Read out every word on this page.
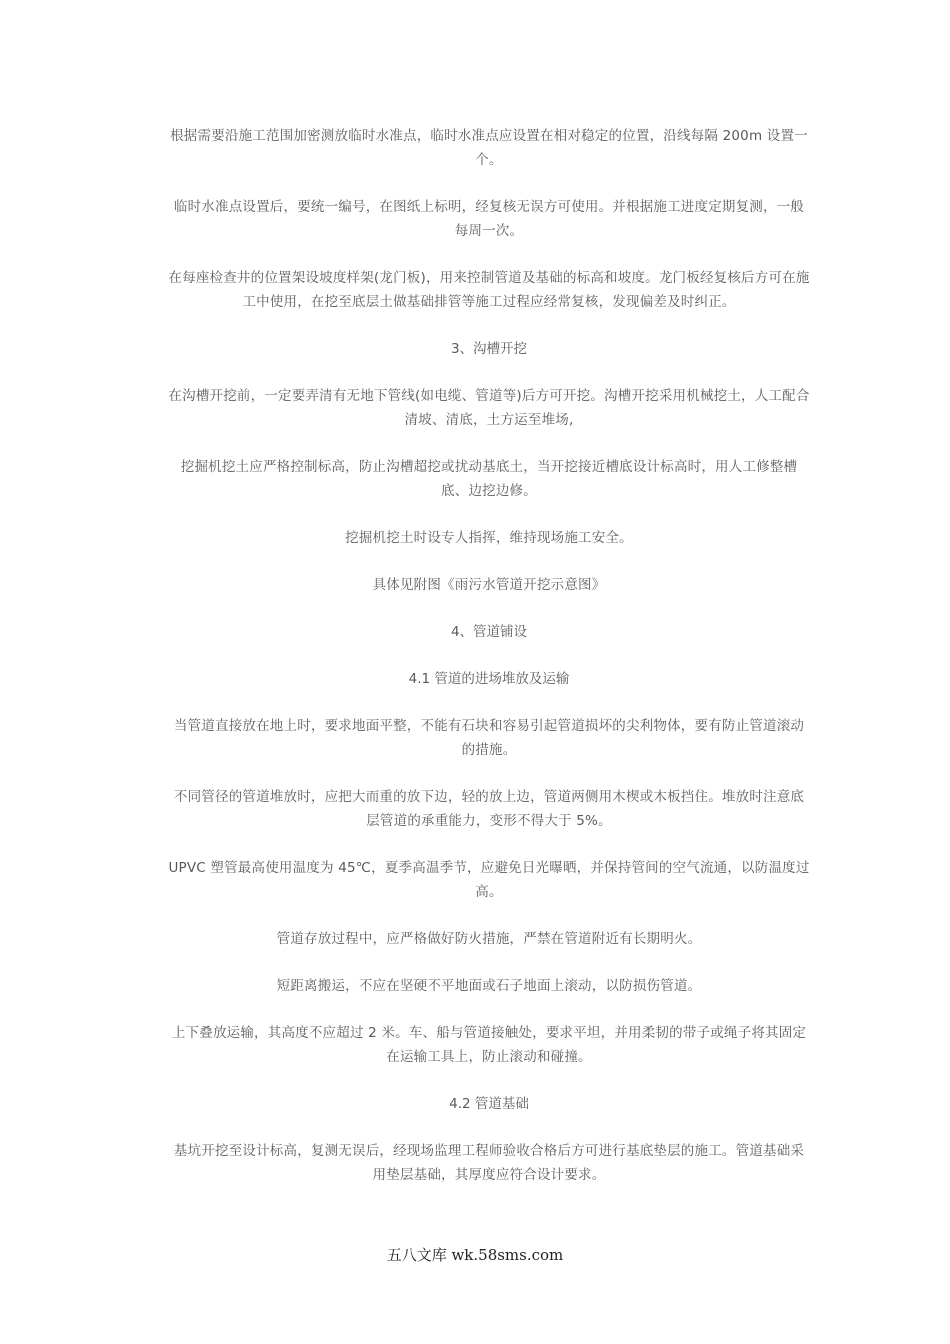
根据需要沿施工范围加密测放临时水准点，临时水准点应设置在相对稳定的位置，沿线每隔 200m 设置一个。

临时水准点设置后，要统一编号，在图纸上标明，经复核无误方可使用。并根据施工进度定期复测，一般每周一次。

在每座检查井的位置架设坡度样架(龙门板)，用来控制管道及基础的标高和坡度。龙门板经复核后方可在施工中使用，在挖至底层土做基础排管等施工过程应经常复核，发现偏差及时纠正。

3、沟槽开挖

在沟槽开挖前，一定要弄清有无地下管线(如电缆、管道等)后方可开挖。沟槽开挖采用机械挖土，人工配合清坡、清底，土方运至堆场,

挖掘机挖土应严格控制标高，防止沟槽超挖或扰动基底土，当开挖接近槽底设计标高时，用人工修整槽底、边挖边修。

挖掘机挖土时设专人指挥，维持现场施工安全。

具体见附图《雨污水管道开挖示意图》

4、管道铺设

4.1 管道的进场堆放及运输

当管道直接放在地上时，要求地面平整，不能有石块和容易引起管道损坏的尖利物体，要有防止管道滚动的措施。

不同管径的管道堆放时，应把大而重的放下边，轻的放上边，管道两侧用木楔或木板挡住。堆放时注意底层管道的承重能力，变形不得大于 5%。

UPVC 塑管最高使用温度为 45℃，夏季高温季节，应避免日光曝晒，并保持管间的空气流通，以防温度过高。

管道存放过程中，应严格做好防火措施，严禁在管道附近有长期明火。

短距离搬运，不应在坚硬不平地面或石子地面上滚动，以防损伤管道。

上下叠放运输，其高度不应超过 2 米。车、船与管道接触处，要求平坦，并用柔韧的带子或绳子将其固定在运输工具上，防止滚动和碰撞。

4.2 管道基础

基坑开挖至设计标高，复测无误后，经现场监理工程师验收合格后方可进行基底垫层的施工。管道基础采用垫层基础，其厚度应符合设计要求。

五八文库 wk.58sms.com
